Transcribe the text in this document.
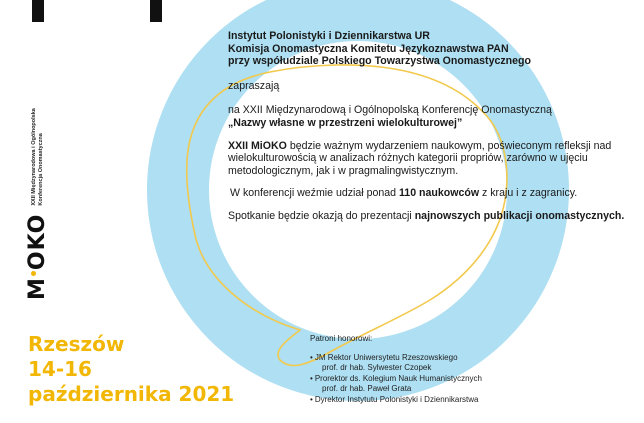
M
OKO
XXII Międzynarodowa i Ogólnopolska Konferencja Onomastyczna

Instytut Polonistyki i Dziennikarstwa UR

Komisja Onomastyczna Komitetu Językoznawstwa PAN

przy współudziale Polskiego Towarzystwa Onomastycznego

zapraszają

na XXII Międzynarodową i Ogólnopolską Konferencję Onomastyczną

„Nazwy własne w przestrzeni wielokulturowej”

XXII MiOKO będzie ważnym wydarzeniem naukowym, poświeconym refleksji nad wielokulturowością w analizach różnych kategorii propriów, zarówno w ujęciu metodologicznym, jak i w pragmalingwistycznym.

W konferencji weźmie udział ponad 110 naukowców z kraju i z zagranicy.

Spotkanie będzie okazją do prezentacji najnowszych publikacji onomastycznych.

Rzeszów
14-16
października 2021
Patroni honorowi:
• JM Rektor Uniwersytetu Rzeszowskiego
prof. dr hab. Sylwester Czopek
• Prorektor ds. Kolegium Nauk Humanistycznych
prof. dr hab. Paweł Grata
• Dyrektor Instytutu Polonistyki i Dziennikarstwa
